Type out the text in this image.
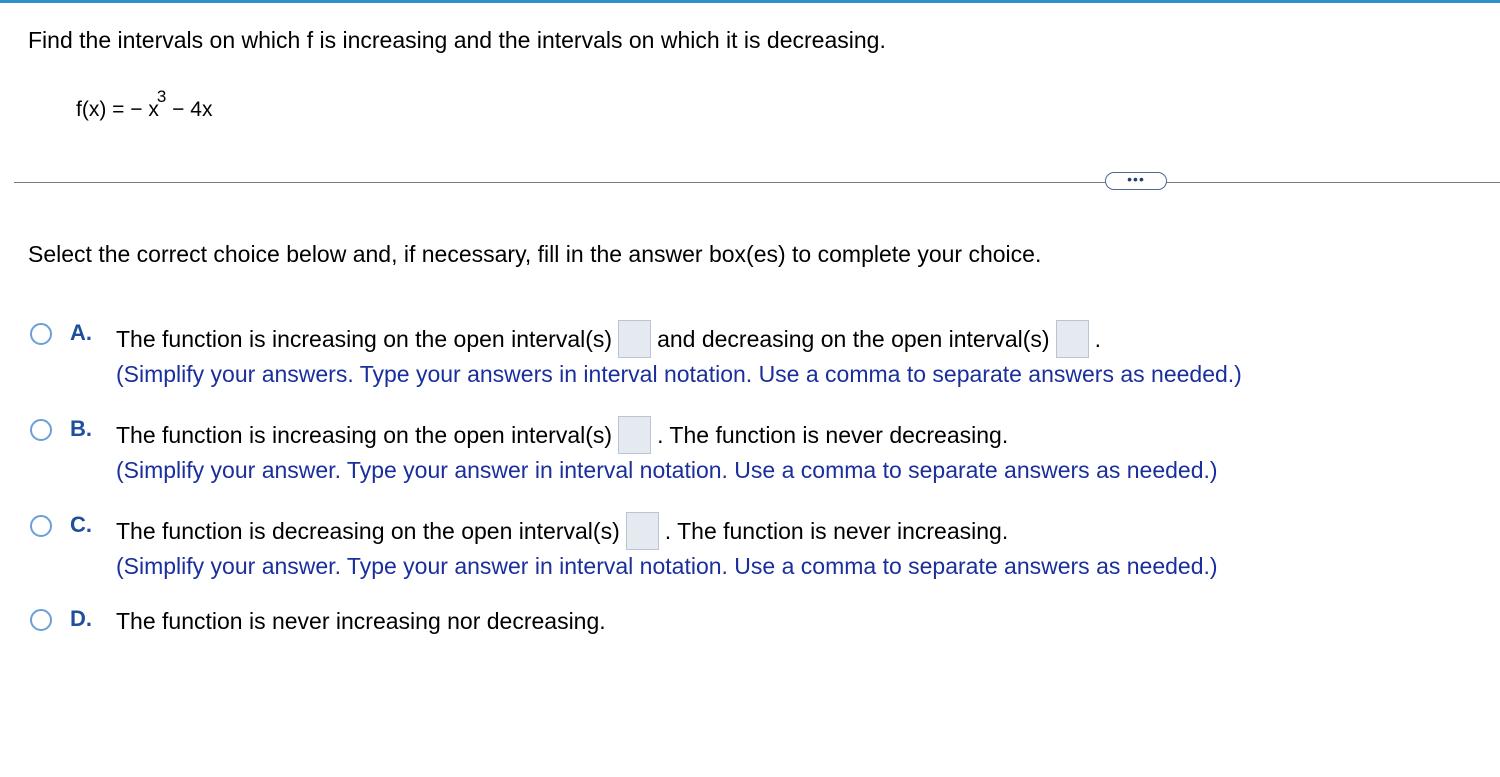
Find the intervals on which f is increasing and the intervals on which it is decreasing.
f(x) = − $x^3 - 4x$
•••
Select the correct choice below and, if necessary, fill in the answer box(es) to complete your choice.
A. The function is increasing on the open interval(s) and decreasing on the open interval(s) .
(Simplify your answers. Type your answers in interval notation. Use a comma to separate answers as needed.)
B. The function is increasing on the open interval(s) . The function is never decreasing.
(Simplify your answer. Type your answer in interval notation. Use a comma to separate answers as needed.)
C. The function is decreasing on the open interval(s) . The function is never increasing.
(Simplify your answer. Type your answer in interval notation. Use a comma to separate answers as needed.)
D. The function is never increasing nor decreasing.
